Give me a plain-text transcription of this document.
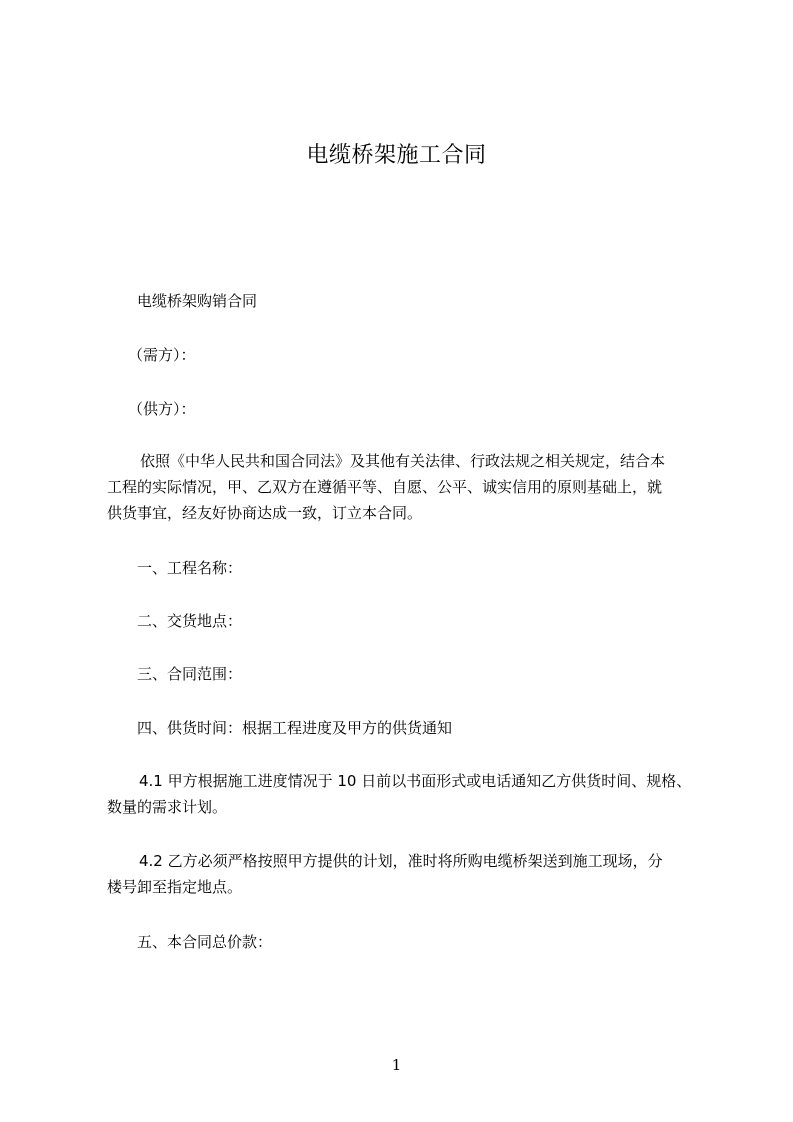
电缆桥架施工合同
电缆桥架购销合同
（需方）：
（供方）：
依照《中华人民共和国合同法》及其他有关法律、行政法规之相关规定，结合本
工程的实际情况，甲、乙双方在遵循平等、自愿、公平、诚实信用的原则基础上，就
供货事宜，经友好协商达成一致，订立本合同。
一、工程名称：
二、交货地点：
三、合同范围：
四、供货时间：根据工程进度及甲方的供货通知
4.1 甲方根据施工进度情况于 10 日前以书面形式或电话通知乙方供货时间、规格、
数量的需求计划。
4.2 乙方必须严格按照甲方提供的计划，准时将所购电缆桥架送到施工现场，分
楼号卸至指定地点。
五、本合同总价款：
1
